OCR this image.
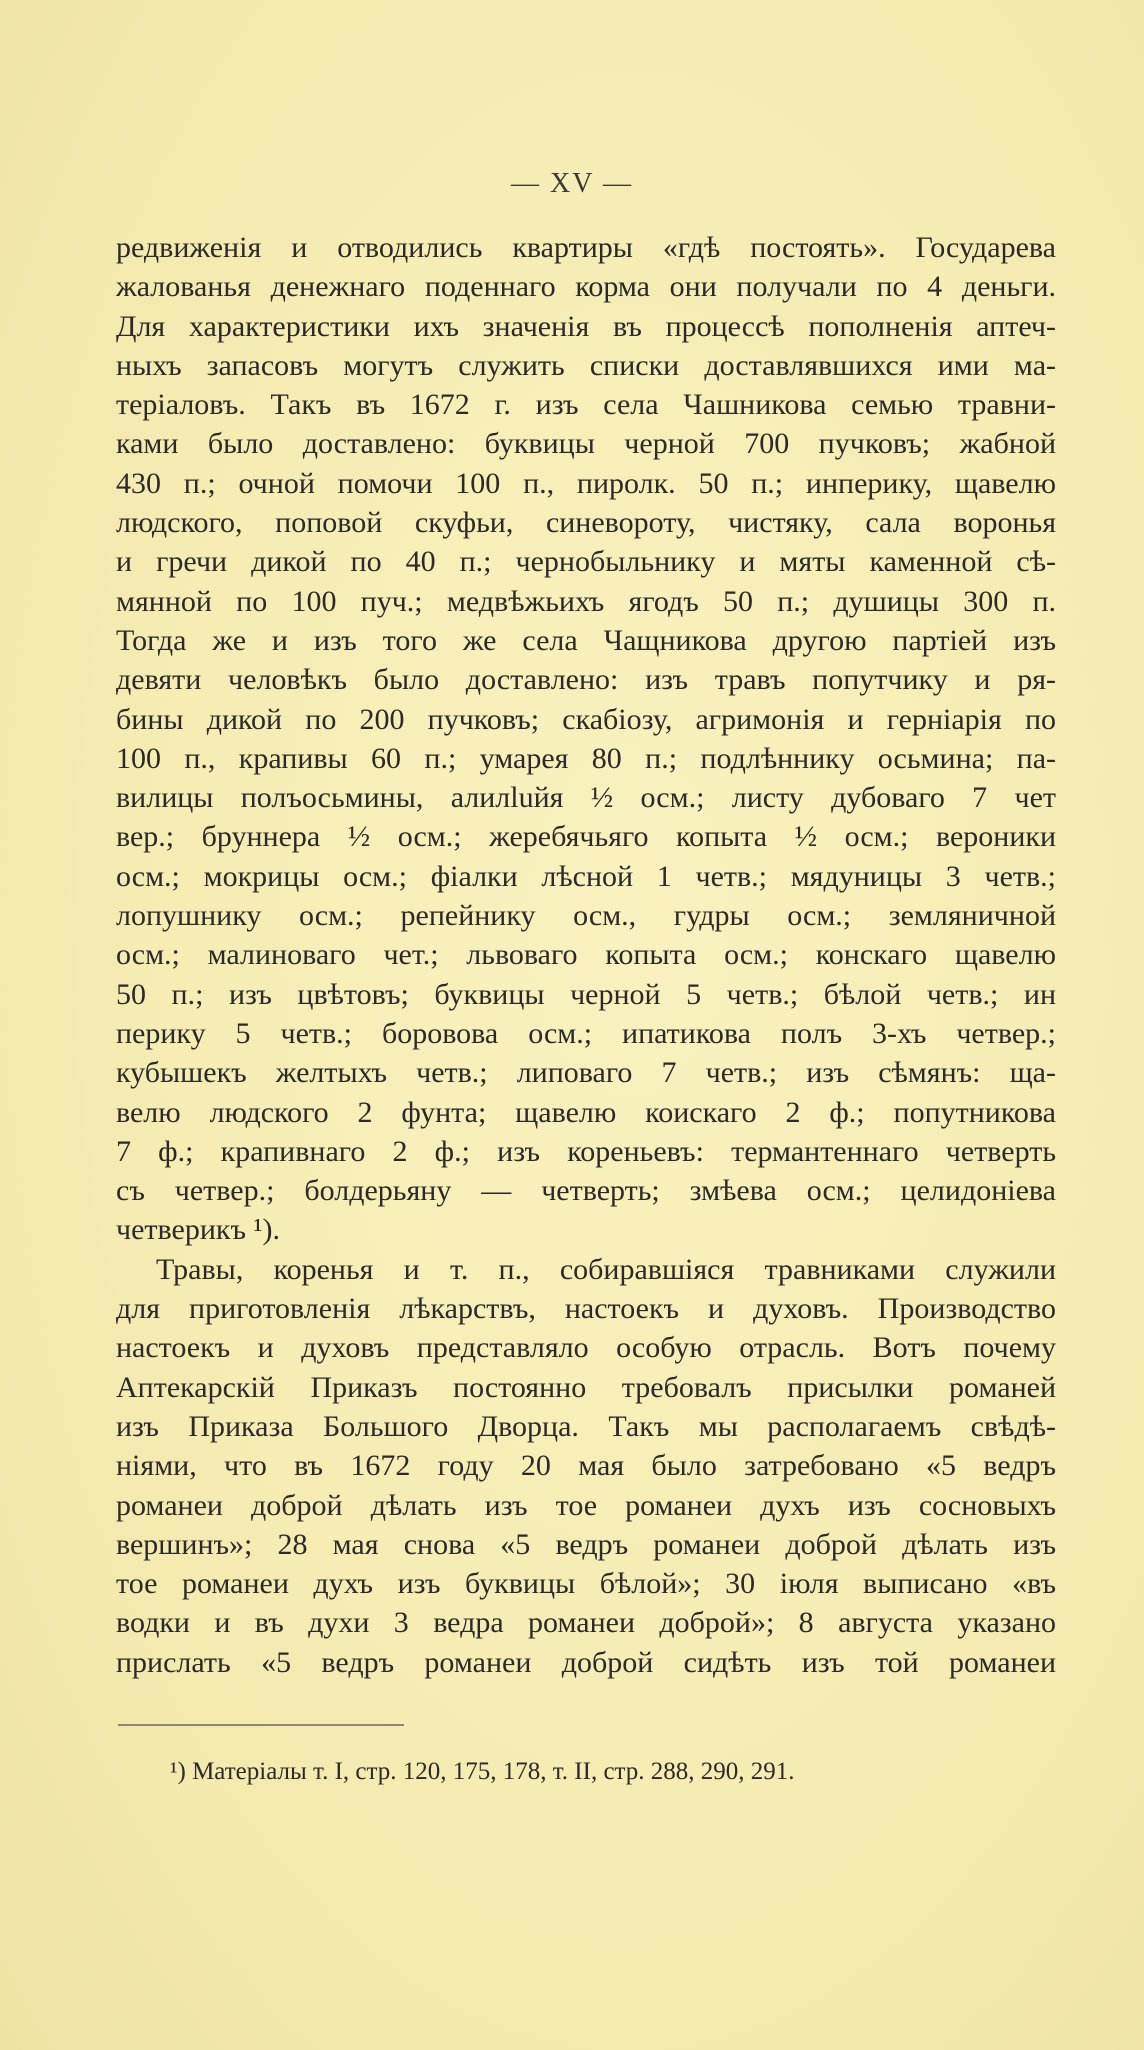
— XV —
редвиженія и отводились квартиры «гдѣ постоять». Государева
жалованья денежнаго поденнаго корма они получали по 4 деньги.
Для характеристики ихъ значенія въ процессѣ пополненія аптеч-
ныхъ запасовъ могутъ служить списки доставлявшихся ими ма-
теріаловъ. Такъ въ 1672 г. изъ села Чашникова семью травни-
ками было доставлено: буквицы черной 700 пучковъ; жабной
430 п.; очной помочи 100 п., пиролк. 50 п.; инперику, щавелю
людского, поповой скуфьи, синевороту, чистяку, сала воронья
и гречи дикой по 40 п.; чернобыльнику и мяты каменной сѣ-
мянной по 100 пуч.; медвѣжьихъ ягодъ 50 п.; душицы 300 п.
Тогда же и изъ того же села Чащникова другою партіей изъ
девяти человѣкъ было доставлено: изъ травъ попутчику и ря-
бины дикой по 200 пучковъ; скабіозу, агримонія и герніарія по
100 п., крапивы 60 п.; умарея 80 п.; подлѣннику осьмина; па-
вилицы полъосьмины, алилluйя ½ осм.; листу дубоваго 7 чет
вер.; бруннера ½ осм.; жеребячьяго копыта ½ осм.; вероники
осм.; мокрицы осм.; фіалки лѣсной 1 четв.; мядуницы 3 четв.;
лопушнику осм.; репейнику осм., гудры осм.; земляничной
осм.; малиноваго чет.; львоваго копыта осм.; конскаго щавелю
50 п.; изъ цвѣтовъ; буквицы черной 5 четв.; бѣлой четв.; ин
перику 5 четв.; боровова осм.; ипатикова полъ 3-хъ четвер.;
кубышекъ желтыхъ четв.; липоваго 7 четв.; изъ сѣмянъ: ща-
велю людского 2 фунта; щавелю коискаго 2 ф.; попутникова
7 ф.; крапивнаго 2 ф.; изъ кореньевъ: термантеннаго четверть
съ четвер.; болдерьяну — четверть; змѣева осм.; целидоніева
четверикъ ¹).
Травы, коренья и т. п., собиравшіяся травниками служили
для приготовленія лѣкарствъ, настоекъ и духовъ. Производство
настоекъ и духовъ представляло особую отрасль. Вотъ почему
Аптекарскій Приказъ постоянно требовалъ присылки романей
изъ Приказа Большого Дворца. Такъ мы располагаемъ свѣдѣ-
ніями, что въ 1672 году 20 мая было затребовано «5 ведръ
романеи доброй дѣлать изъ тое романеи духъ изъ сосновыхъ
вершинъ»; 28 мая снова «5 ведръ романеи доброй дѣлать изъ
тое романеи духъ изъ буквицы бѣлой»; 30 іюля выписано «въ
водки и въ духи 3 ведра романеи доброй»; 8 августа указано
прислать «5 ведръ романеи доброй сидѣть изъ той романеи
¹) Матеріалы т. I, стр. 120, 175, 178, т. II, стр. 288, 290, 291.
